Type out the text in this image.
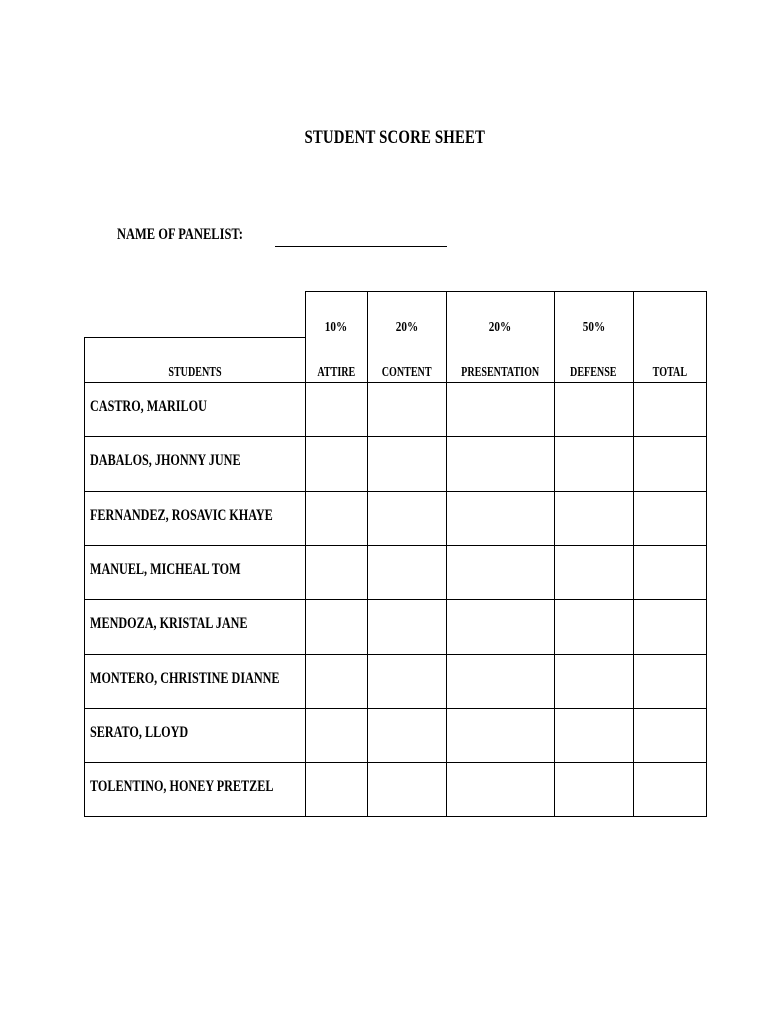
STUDENT SCORE SHEET
NAME OF PANELIST:
STUDENTS
10%
ATTIRE
20%
CONTENT
20%
PRESENTATION
50%
DEFENSE	TOTAL
CASTRO, MARILOU
DABALOS, JHONNY JUNE
FERNANDEZ, ROSAVIC KHAYE
MANUEL, MICHEAL TOM
MENDOZA, KRISTAL JANE
MONTERO, CHRISTINE DIANNE
SERATO, LLOYD
TOLENTINO, HONEY PRETZEL
